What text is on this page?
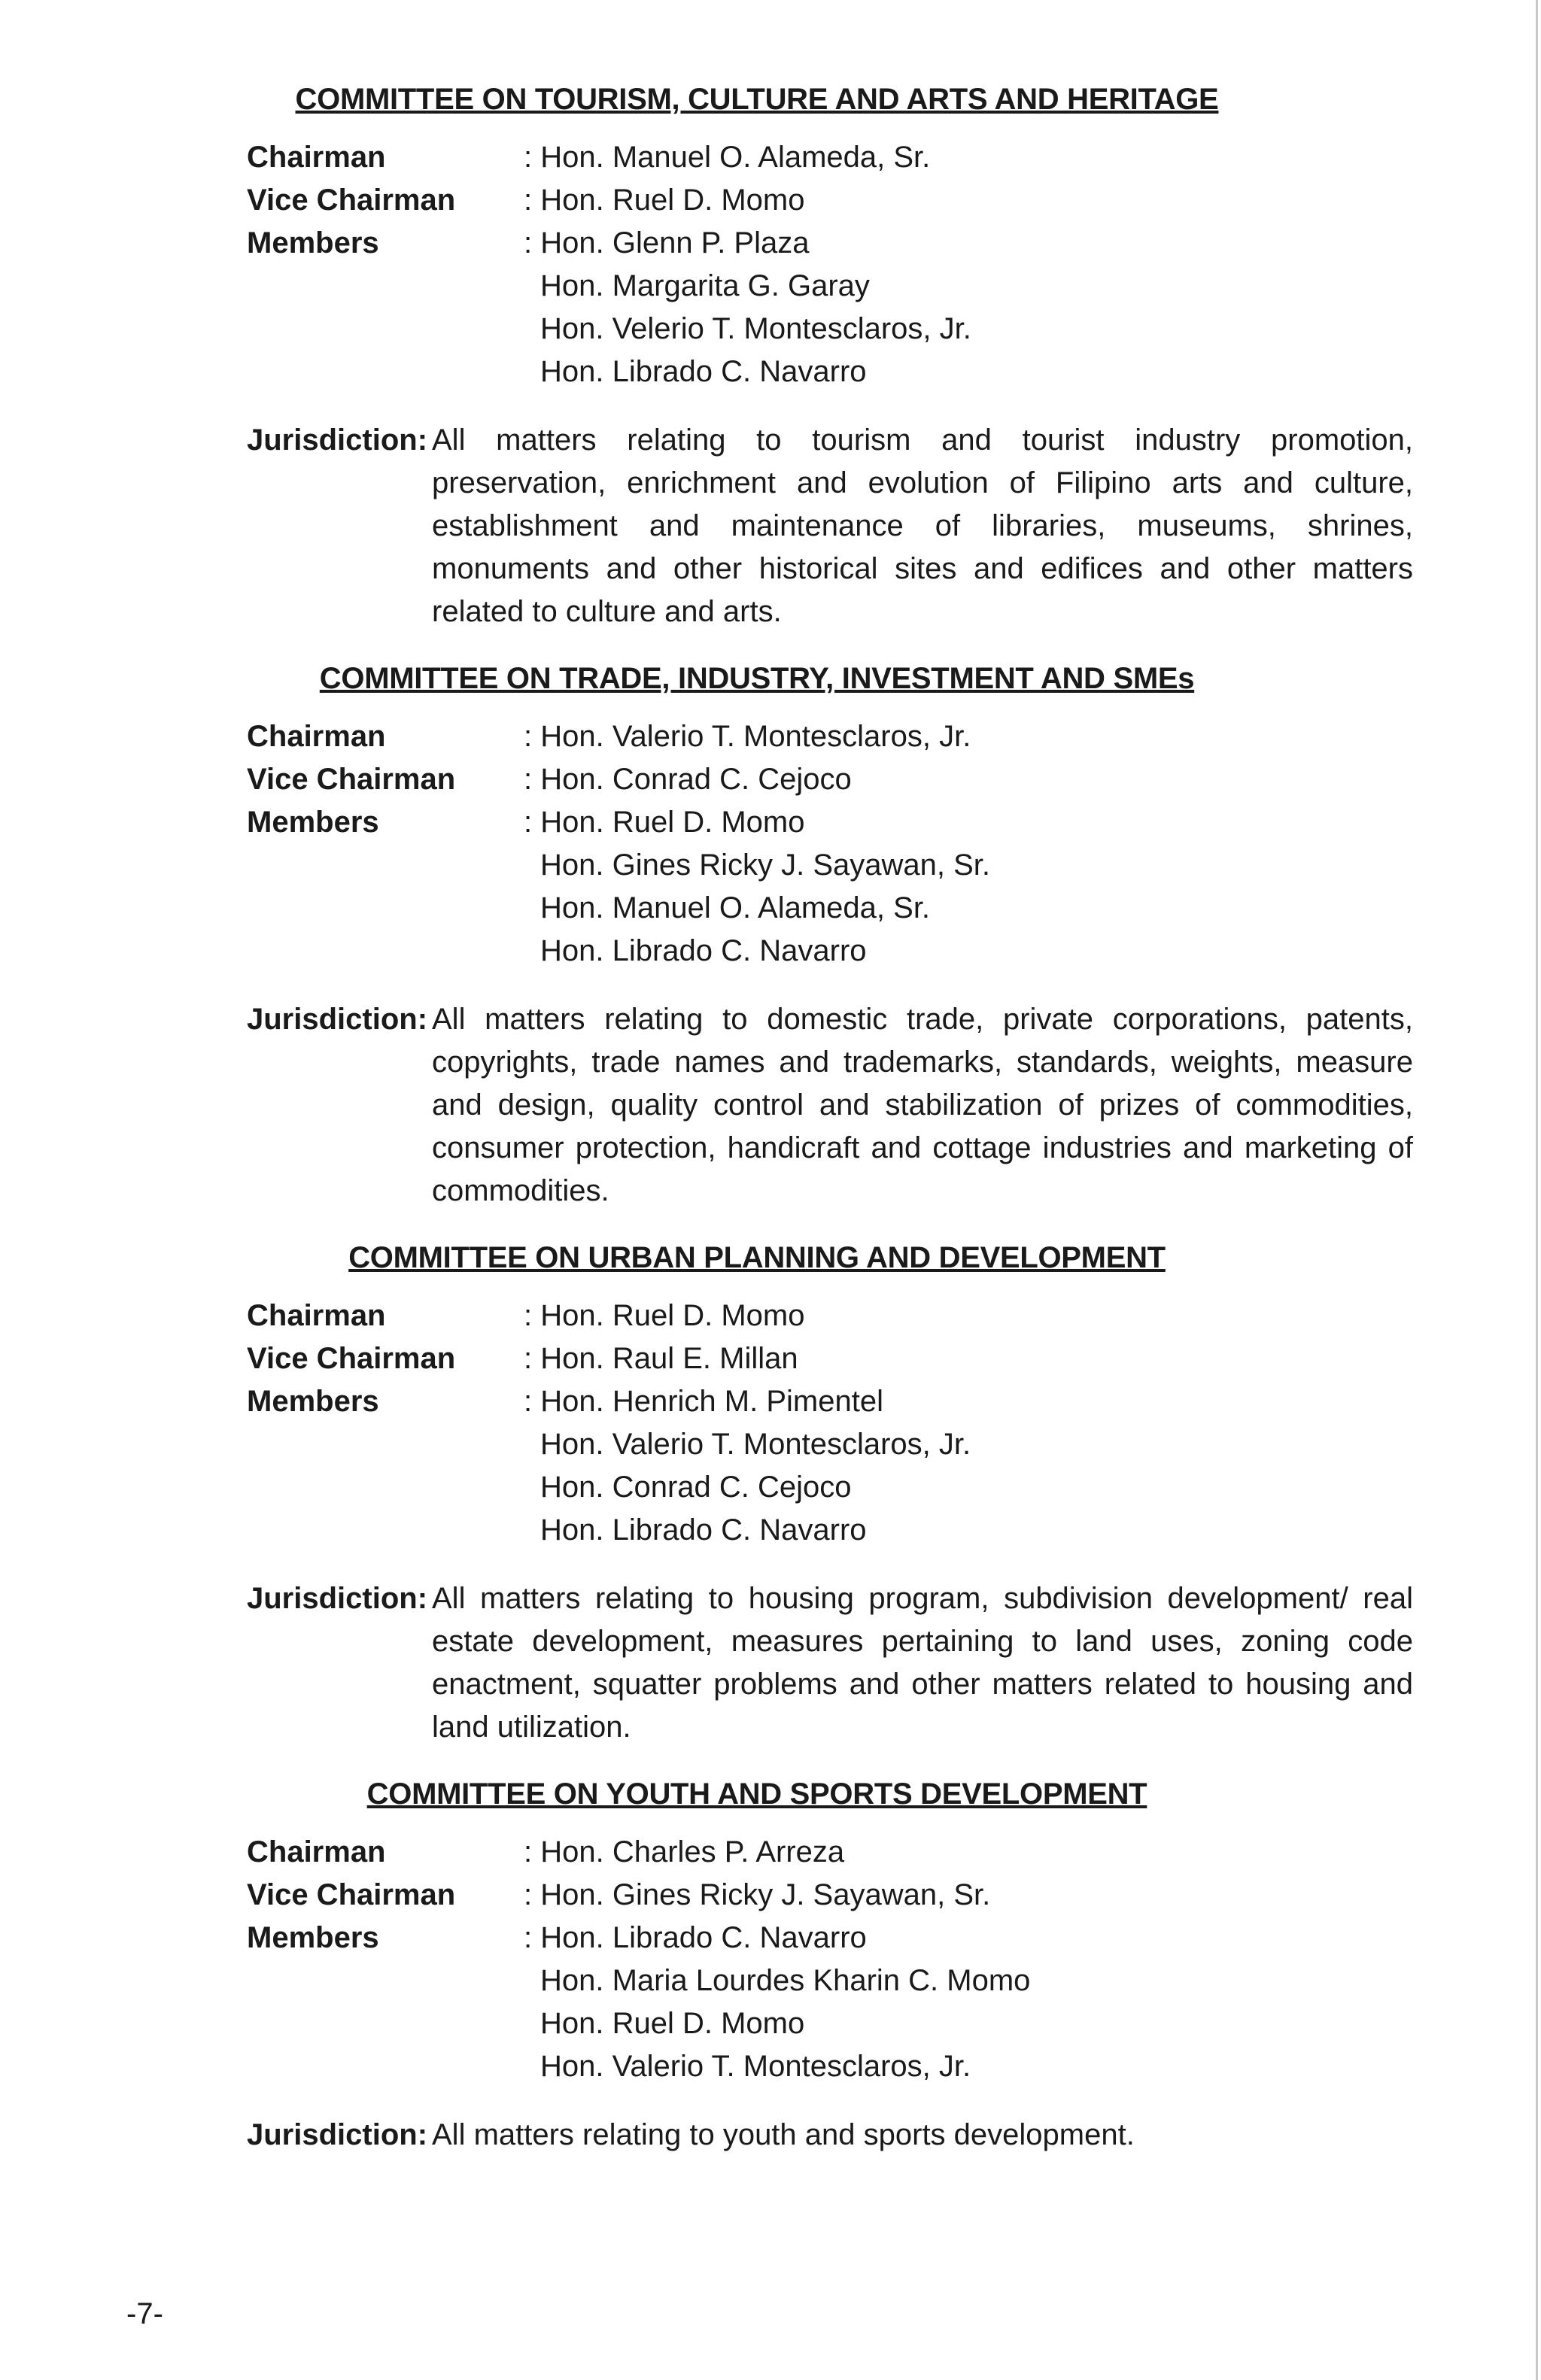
COMMITTEE ON TOURISM, CULTURE AND ARTS AND HERITAGE
Chairman	: Hon. Manuel O. Alameda, Sr.
Vice Chairman	: Hon. Ruel D. Momo
Members	: Hon. Glenn P. Plaza
Hon. Margarita G. Garay
Hon. Velerio T. Montesclaros, Jr.
Hon. Librado C. Navarro
Jurisdiction: All matters relating to tourism and tourist industry promotion, preservation, enrichment and evolution of Filipino arts and culture, establishment and maintenance of libraries, museums, shrines, monuments and other historical sites and edifices and other matters related to culture and arts.
COMMITTEE ON TRADE, INDUSTRY, INVESTMENT AND SMEs
Chairman	: Hon. Valerio T. Montesclaros, Jr.
Vice Chairman	: Hon. Conrad C. Cejoco
Members	: Hon. Ruel D. Momo
Hon. Gines Ricky J. Sayawan, Sr.
Hon. Manuel O. Alameda, Sr.
Hon. Librado C. Navarro
Jurisdiction: All matters relating to domestic trade, private corporations, patents, copyrights, trade names and trademarks, standards, weights, measure and design, quality control and stabilization of prizes of commodities, consumer protection, handicraft and cottage industries and marketing of commodities.
COMMITTEE ON URBAN PLANNING AND DEVELOPMENT
Chairman	: Hon. Ruel D. Momo
Vice Chairman	: Hon. Raul E. Millan
Members	: Hon. Henrich M. Pimentel
Hon. Valerio T. Montesclaros, Jr.
Hon. Conrad C. Cejoco
Hon. Librado C. Navarro
Jurisdiction: All matters relating to housing program, subdivision development/ real estate development, measures pertaining to land uses, zoning code enactment, squatter problems and other matters related to housing and land utilization.
COMMITTEE ON YOUTH AND SPORTS DEVELOPMENT
Chairman	: Hon. Charles P. Arreza
Vice Chairman	: Hon. Gines Ricky J. Sayawan, Sr.
Members	: Hon. Librado C. Navarro
Hon. Maria Lourdes Kharin C. Momo
Hon. Ruel D. Momo
Hon. Valerio T. Montesclaros, Jr.
Jurisdiction: All matters relating to youth and sports development.
-7-
